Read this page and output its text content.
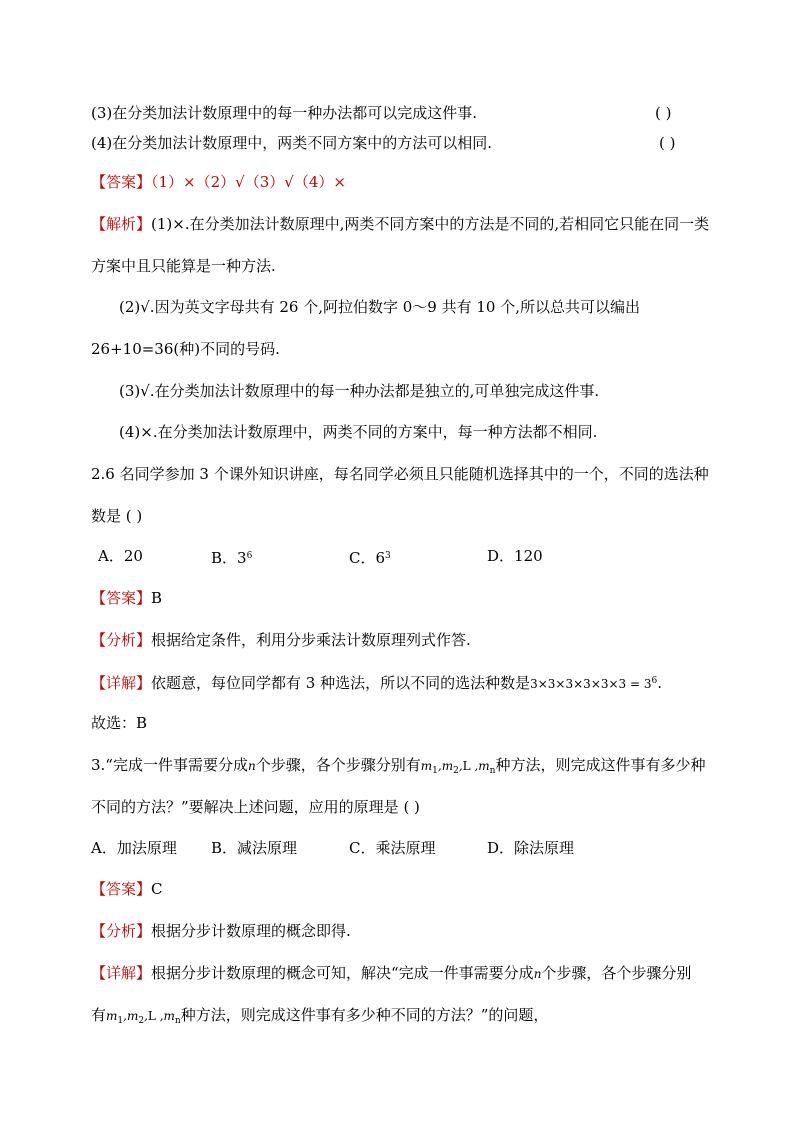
(3)在分类加法计数原理中的每一种办法都可以完成这件事.	( )
(4)在分类加法计数原理中，两类不同方案中的方法可以相同.	( )
【答案】（1）×（2）√（3）√（4）×
【解析】(1)×.在分类加法计数原理中,两类不同方案中的方法是不同的,若相同它只能在同一类
方案中且只能算是一种方法.
(2)√.因为英文字母共有 26 个,阿拉伯数字 0～9 共有 10 个,所以总共可以编出
26+10=36(种)不同的号码.
(3)√.在分类加法计数原理中的每一种办法都是独立的,可单独完成这件事.
(4)×.在分类加法计数原理中，两类不同的方案中，每一种方法都不相同.
2.6 名同学参加 3 个课外知识讲座，每名同学必须且只能随机选择其中的一个，不同的选法种
数是 ( )
A．20	B．$3^6$	C．$6^3$	D．120
【答案】B
【分析】根据给定条件，利用分步乘法计数原理列式作答.
【详解】依题意，每位同学都有 3 种选法，所以不同的选法种数是$3\times 3\times 3\times 3\times 3\times 3 = 3^6$.
故选：B
3.“完成一件事需要分成n个步骤，各个步骤分别有$m_1,m_2,L$ $,m_n$种方法，则完成这件事有多少种
不同的方法？”要解决上述问题，应用的原理是 ( )
A．加法原理 B．减法原理	C．乘法原理	D．除法原理
【答案】C
【分析】根据分步计数原理的概念即得.
【详解】根据分步计数原理的概念可知，解决“完成一件事需要分成n个步骤，各个步骤分别
有$m_1,m_2,L$ $,m_n$种方法，则完成这件事有多少种不同的方法？”的问题，
